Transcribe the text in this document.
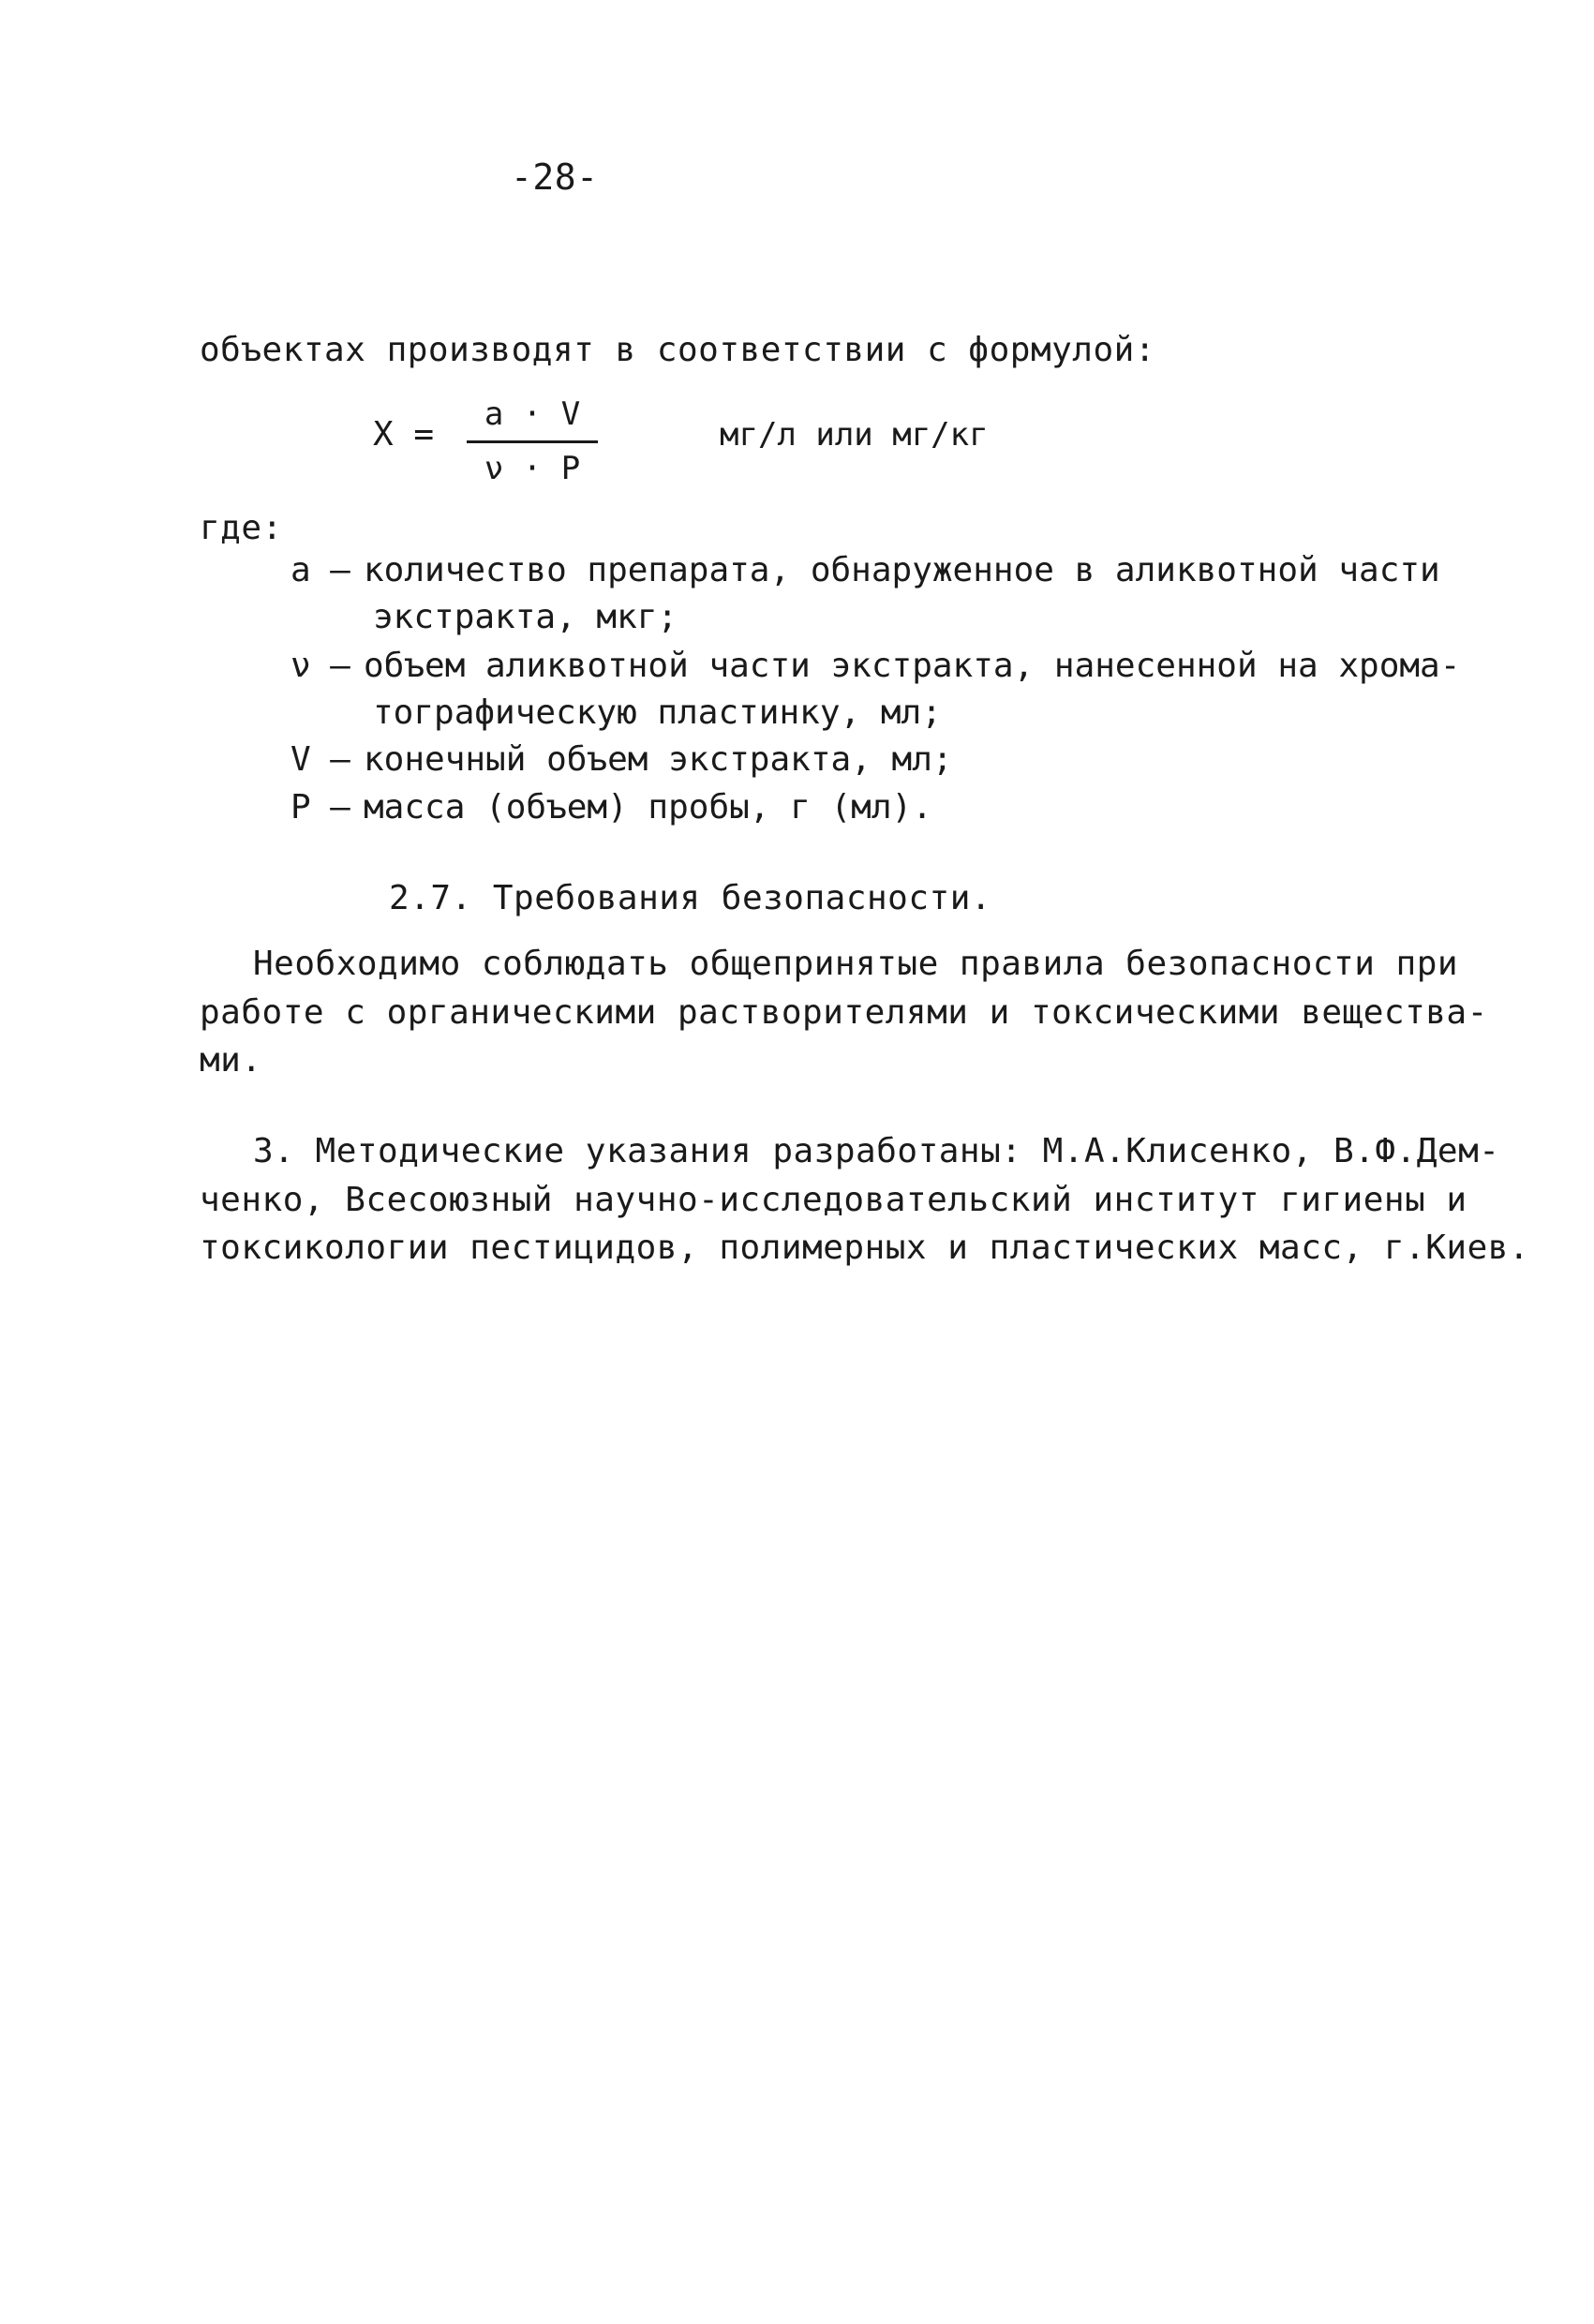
-28-
объектах производят в соответствии с формулой:
X =
a · V
ν · P
мг/л или мг/кг
где:
a – количество препарата, обнаруженное в аликвотной части
экстракта, мкг;
ν – объем аликвотной части экстракта, нанесенной на хрома-
тографическую пластинку, мл;
V – конечный объем экстракта, мл;
P – масса (объем) пробы, г (мл).
2.7. Требования безопасности.
Необходимо соблюдать общепринятые правила безопасности при
работе с органическими растворителями и токсическими вещества-
ми.
3. Методические указания разработаны: М.А.Клисенко, В.Ф.Дем-
ченко, Всесоюзный научно-исследовательский институт гигиены и
токсикологии пестицидов, полимерных и пластических масс, г.Киев.
